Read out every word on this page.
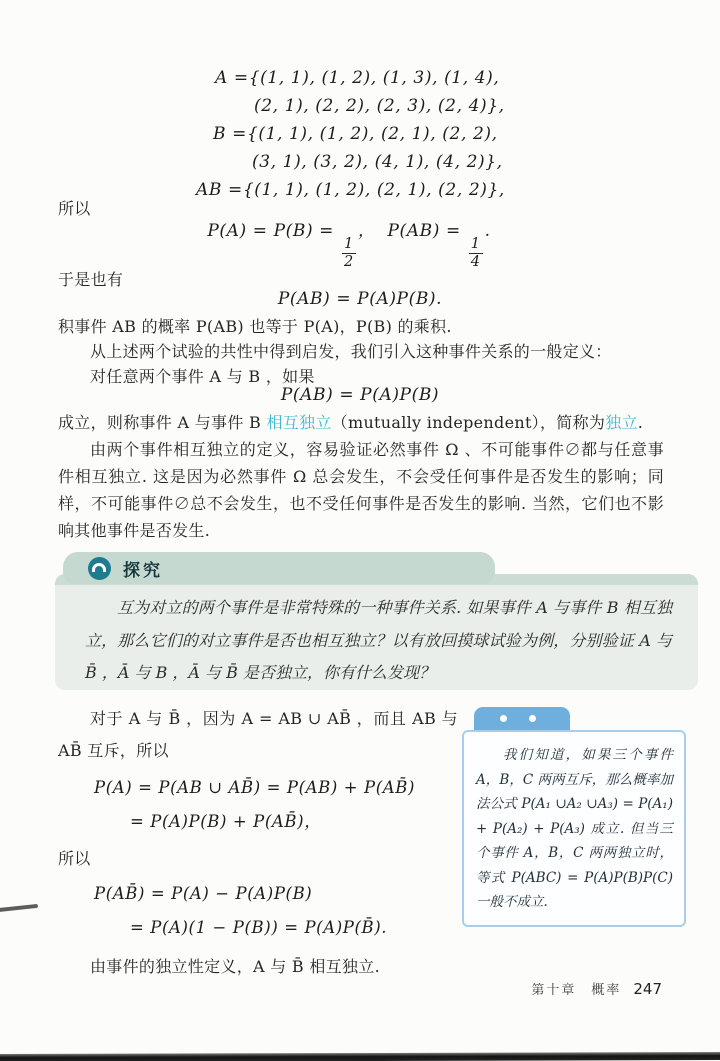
A ={(1, 1), (1, 2), (1, 3), (1, 4),
(2, 1), (2, 2), (2, 3), (2, 4)},
B ={(1, 1), (1, 2), (2, 1), (2, 2),
(3, 1), (3, 2), (4, 1), (4, 2)},
AB ={(1, 1), (1, 2), (2, 1), (2, 2)},
所以
P(A) = P(B) =
$\frac{1}{2}$
，  P(AB) =
$\frac{1}{4}$
.
于是也有
P(AB) = P(A)P(B).
积事件 AB 的概率 P(AB) 也等于 P(A)，P(B) 的乘积.
从上述两个试验的共性中得到启发，我们引入这种事件关系的一般定义：
对任意两个事件 A 与 B ，如果
P(AB) = P(A)P(B)
成立，则称事件 A 与事件 B 相互独立（mutually independent），简称为独立.
由两个事件相互独立的定义，容易验证必然事件 Ω 、不可能事件∅都与任意事件相互独立. 这是因为必然事件 Ω 总会发生，不会受任何事件是否发生的影响；同样，不可能事件∅总不会发生，也不受任何事件是否发生的影响. 当然，它们也不影响其他事件是否发生.
探究
互为对立的两个事件是非常特殊的一种事件关系. 如果事件 A 与事件 B 相互独立，那么它们的对立事件是否也相互独立？以有放回摸球试验为例，分别验证 A 与 B̄ ，Ā 与 B ，Ā 与 B̄ 是否独立，你有什么发现？
对于 A 与 B̄ ，因为 A = AB ∪ AB̄ ，而且 AB 与 AB̄ 互斥，所以
P(A) = P(AB ∪ AB̄) = P(AB) + P(AB̄)
= P(A)P(B) + P(AB̄)，
所以
P(AB̄) = P(A) − P(A)P(B)
= P(A)(1 − P(B)) = P(A)P(B̄).
由事件的独立性定义，A 与 B̄ 相互独立.
我们知道，如果三个事件 A，B，C 两两互斥，那么概率加法公式 P(A₁ ∪A₂ ∪A₃) = P(A₁) + P(A₂) + P(A₃) 成立. 但当三个事件 A，B，C 两两独立时，等式 P(ABC) = P(A)P(B)P(C) 一般不成立.
第十章　概率 247
